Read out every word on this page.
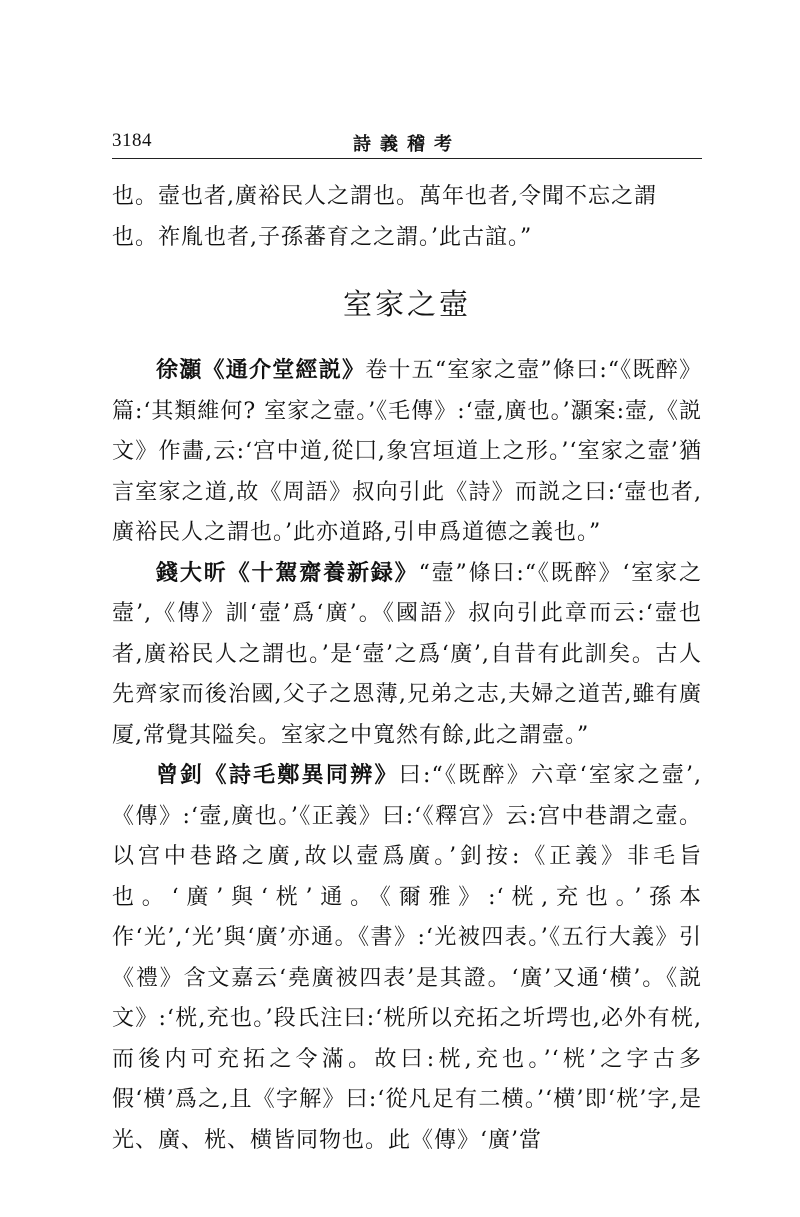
3184	詩義稽考
也。壼也者,廣裕民人之謂也。萬年也者,令聞不忘之謂也。祚胤也者,子孫蕃育之之謂。’此古誼。”
室家之壼

徐灝《通介堂經説》卷十五“室家之壼”條曰:“《既醉》篇:‘其類維何? 室家之壼。’《毛傳》:‘壼,廣也。’灝案:壼,《説文》作畵,云:‘宫中道,從囗,象宫垣道上之形。’‘室家之壼’猶言室家之道,故《周語》叔向引此《詩》而説之曰:‘壼也者,廣裕民人之謂也。’此亦道路,引申爲道德之義也。”

錢大昕《十駕齋養新録》“壼”條曰:“《既醉》‘室家之壼’,《傳》訓‘壼’爲‘廣’。《國語》叔向引此章而云:‘壼也者,廣裕民人之謂也。’是‘壼’之爲‘廣’,自昔有此訓矣。古人先齊家而後治國,父子之恩薄,兄弟之志,夫婦之道苦,雖有廣厦,常覺其隘矣。室家之中寬然有餘,此之謂壼。”

曾釗《詩毛鄭異同辨》曰:“《既醉》六章‘室家之壼’,《傳》:‘壼,廣也。’《正義》曰:‘《釋宫》云:宫中巷謂之壼。以宫中巷路之廣,故以壼爲廣。’釗按:《正義》非毛旨也。‘廣’與‘桄’通。《爾雅》:‘桄,充也。’孫本作‘光’,‘光’與‘廣’亦通。《書》:‘光被四表。’《五行大義》引《禮》含文嘉云‘堯廣被四表’是其證。‘廣’又通‘横’。《説文》:‘桄,充也。’段氏注曰:‘桄所以充拓之圻堮也,必外有桄,而後内可充拓之令滿。故曰:桄,充也。’‘桄’之字古多假‘横’爲之,且《字解》曰:‘從凡足有二横。’‘横’即‘桄’字,是光、廣、桄、横皆同物也。此《傳》‘廣’當
